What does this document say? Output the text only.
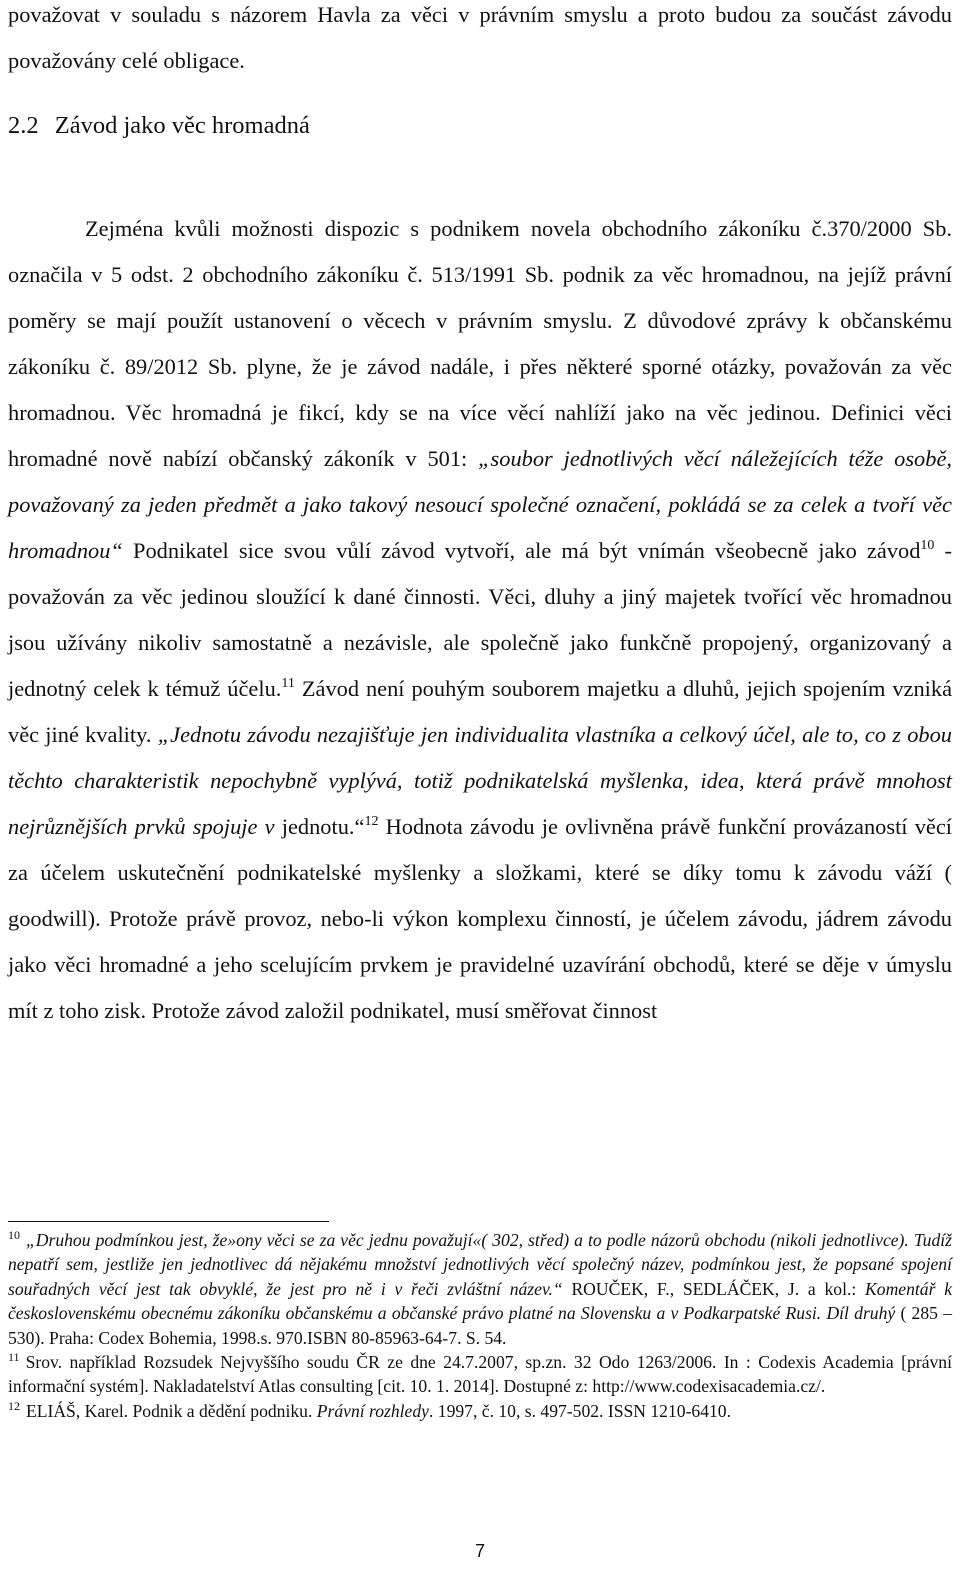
považovat v souladu s názorem Havla za věci v právním smyslu a proto budou za součást závodu považovány celé obligace.

2.2 Závod jako věc hromadná

Zejména kvůli možnosti dispozic s podnikem novela obchodního zákoníku č.370/2000 Sb. označila v 5 odst. 2 obchodního zákoníku č. 513/1991 Sb. podnik za věc hromadnou, na jejíž právní poměry se mají použít ustanovení o věcech v právním smyslu. Z důvodové zprávy k občanskému zákoníku č. 89/2012 Sb. plyne, že je závod nadále, i přes některé sporné otázky, považován za věc hromadnou. Věc hromadná je fikcí, kdy se na více věcí nahlíží jako na věc jedinou. Definici věci hromadné nově nabízí občanský zákoník v 501: „soubor jednotlivých věcí náležejících téže osobě, považovaný za jeden předmět a jako takový nesoucí společné označení, pokládá se za celek a tvoří věc hromadnou“ Podnikatel sice svou vůlí závod vytvoří, ale má být vnímán všeobecně jako závod$^{10}$ - považován za věc jedinou sloužící k dané činnosti. Věci, dluhy a jiný majetek tvořící věc hromadnou jsou užívány nikoliv samostatně a nezávisle, ale společně jako funkčně propojený, organizovaný a jednotný celek k témuž účelu.$^{11}$ Závod není pouhým souborem majetku a dluhů, jejich spojením vzniká věc jiné kvality. „Jednotu závodu nezajišťuje jen individualita vlastníka a celkový účel, ale to, co z obou těchto charakteristik nepochybně vyplývá, totiž podnikatelská myšlenka, idea, která právě mnohost nejrůznějších prvků spojuje v jednotu.“$^{12}$ Hodnota závodu je ovlivněna právě funkční provázaností věcí za účelem uskutečnění podnikatelské myšlenky a složkami, které se díky tomu k závodu váží ( goodwill). Protože právě provoz, nebo-li výkon komplexu činností, je účelem závodu, jádrem závodu jako věci hromadné a jeho scelujícím prvkem je pravidelné uzavírání obchodů, které se děje v úmyslu mít z toho zisk. Protože závod založil podnikatel, musí směřovat činnost

$^{10}$ „Druhou podmínkou jest, že»ony věci se za věc jednu považují«( 302, střed) a to podle názorů obchodu (nikoli jednotlivce). Tudíž nepatří sem, jestliže jen jednotlivec dá nějakému množství jednotlivých věcí společný název, podmínkou jest, že popsané spojení souřadných věcí jest tak obvyklé, že jest pro ně i v řeči zvláštní název.“ ROUČEK, F., SEDLÁČEK, J. a kol.: Komentář k československému obecnému zákoníku občanskému a občanské právo platné na Slovensku a v Podkarpatské Rusi. Díl druhý ( 285 – 530). Praha: Codex Bohemia, 1998.s. 970.ISBN 80-85963-64-7. S. 54.

$^{11}$ Srov. například Rozsudek Nejvyššího soudu ČR ze dne 24.7.2007, sp.zn. 32 Odo 1263/2006. In : Codexis Academia [právní informační systém]. Nakladatelství Atlas consulting [cit. 10. 1. 2014]. Dostupné z: http://www.codexisacademia.cz/.

$^{12}$ ELIÁŠ, Karel. Podnik a dědění podniku. Právní rozhledy. 1997, č. 10, s. 497-502. ISSN 1210-6410.

7
